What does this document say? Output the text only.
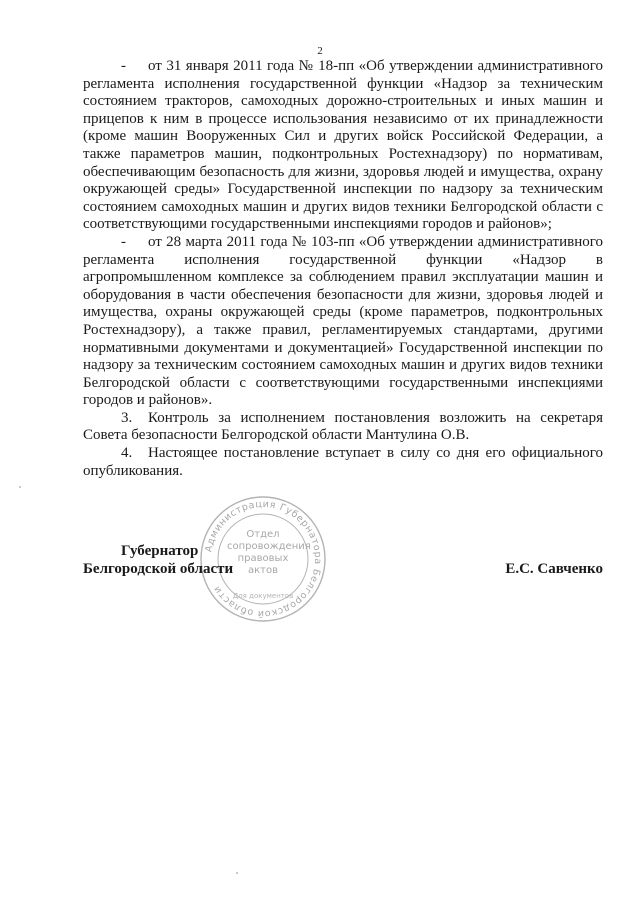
2

- от 31 января 2011 года № 18-пп «Об утверждении административного регламента исполнения государственной функции «Надзор за техническим состоянием тракторов, самоходных дорожно-строительных и иных машин и прицепов к ним в процессе использования независимо от их принадлежности (кроме машин Вооруженных Сил и других войск Российской Федерации, а также параметров машин, подконтрольных Ростехнадзору) по нормативам, обеспечивающим безопасность для жизни, здоровья людей и имущества, охрану окружающей среды» Государственной инспекции по надзору за техническим состоянием самоходных машин и других видов техники Белгородской области с соответствующими государственными инспекциями городов и районов»;

- от 28 марта 2011 года № 103-пп «Об утверждении административного регламента исполнения государственной функции «Надзор в агропромышленном комплексе за соблюдением правил эксплуатации машин и оборудования в части обеспечения безопасности для жизни, здоровья людей и имущества, охраны окружающей среды (кроме параметров, подконтрольных Ростехнадзору), а также правил, регламентируемых стандартами, другими нормативными документами и документацией» Государственной инспекции по надзору за техническим состоянием самоходных машин и других видов техники Белгородской области с соответствующими государственными инспекциями городов и районов».

3. Контроль за исполнением постановления возложить на секретаря Совета безопасности Белгородской области Мантулина О.В.

4. Настоящее постановление вступает в силу со дня его официального опубликования.

Администрация Губернатора Белгородской области
Для документов
Отдел
сопровождения
правовых
актов
Губернатор
Белгородской области	Е.С. Савченко
